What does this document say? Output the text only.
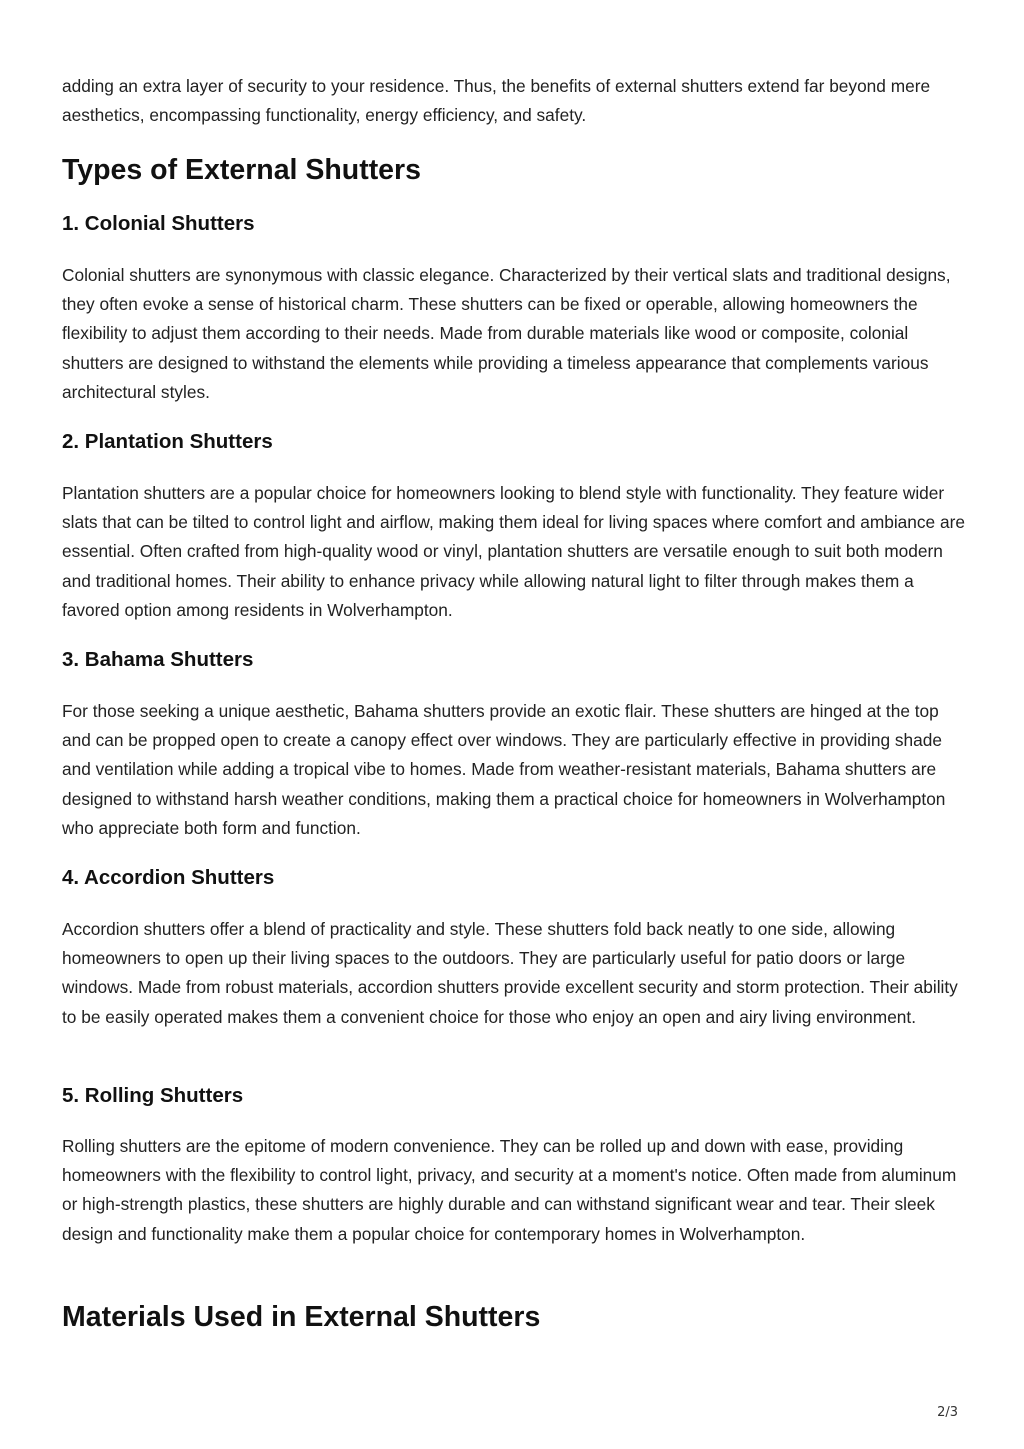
adding an extra layer of security to your residence. Thus, the benefits of external shutters extend far beyond mere aesthetics, encompassing functionality, energy efficiency, and safety.

Types of External Shutters
1. Colonial Shutters

Colonial shutters are synonymous with classic elegance. Characterized by their vertical slats and traditional designs, they often evoke a sense of historical charm. These shutters can be fixed or operable, allowing homeowners the flexibility to adjust them according to their needs. Made from durable materials like wood or composite, colonial shutters are designed to withstand the elements while providing a timeless appearance that complements various architectural styles.

2. Plantation Shutters

Plantation shutters are a popular choice for homeowners looking to blend style with functionality. They feature wider slats that can be tilted to control light and airflow, making them ideal for living spaces where comfort and ambiance are essential. Often crafted from high-quality wood or vinyl, plantation shutters are versatile enough to suit both modern and traditional homes. Their ability to enhance privacy while allowing natural light to filter through makes them a favored option among residents in Wolverhampton.

3. Bahama Shutters

For those seeking a unique aesthetic, Bahama shutters provide an exotic flair. These shutters are hinged at the top and can be propped open to create a canopy effect over windows. They are particularly effective in providing shade and ventilation while adding a tropical vibe to homes. Made from weather-resistant materials, Bahama shutters are designed to withstand harsh weather conditions, making them a practical choice for homeowners in Wolverhampton who appreciate both form and function.

4. Accordion Shutters

Accordion shutters offer a blend of practicality and style. These shutters fold back neatly to one side, allowing homeowners to open up their living spaces to the outdoors. They are particularly useful for patio doors or large windows. Made from robust materials, accordion shutters provide excellent security and storm protection. Their ability to be easily operated makes them a convenient choice for those who enjoy an open and airy living environment.

5. Rolling Shutters

Rolling shutters are the epitome of modern convenience. They can be rolled up and down with ease, providing homeowners with the flexibility to control light, privacy, and security at a moment's notice. Often made from aluminum or high-strength plastics, these shutters are highly durable and can withstand significant wear and tear. Their sleek design and functionality make them a popular choice for contemporary homes in Wolverhampton.

Materials Used in External Shutters
2/3
